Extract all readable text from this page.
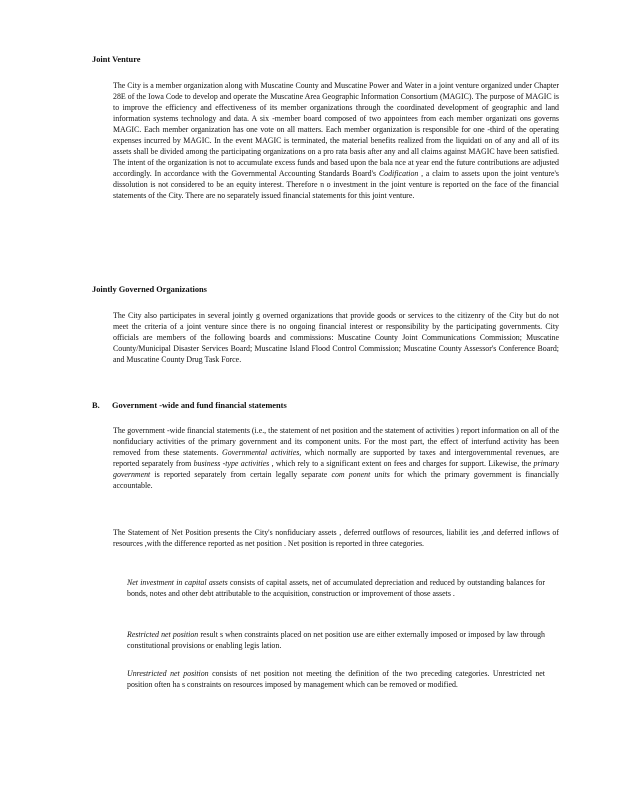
Joint Venture
The City is a member organization along with Muscatine County and Muscatine Power and Water in a joint venture organized under Chapter 28E of the Iowa Code to develop and operate the Muscatine Area Geographic Information Consortium (MAGIC). The purpose of MAGIC is to improve the efficiency and effectiveness of its member organizations through the coordinated development of geographic and land information systems technology and data. A six -member board composed of two appointees from each member organizati ons governs MAGIC. Each member organization has one vote on all matters. Each member organization is responsible for one -third of the operating expenses incurred by MAGIC. In the event MAGIC is terminated, the material benefits realized from the liquidati on of any and all of its assets shall be divided among the participating organizations on a pro rata basis after any and all claims against MAGIC have been satisfied. The intent of the organization is not to accumulate excess funds and based upon the bala nce at year end the future contributions are adjusted accordingly. In accordance with the Governmental Accounting Standards Board's Codification , a claim to assets upon the joint venture's dissolution is not considered to be an equity interest. Therefore n o investment in the joint venture is reported on the face of the financial statements of the City. There are no separately issued financial statements for this joint venture.
Jointly Governed Organizations
The City also participates in several jointly g overned organizations that provide goods or services to the citizenry of the City but do not meet the criteria of a joint venture since there is no ongoing financial interest or responsibility by the participating governments. City officials are members of the following boards and commissions: Muscatine County Joint Communications Commission; Muscatine County/Municipal Disaster Services Board; Muscatine Island Flood Control Commission; Muscatine County Assessor's Conference Board; and Muscatine County Drug Task Force.
B. Government -wide and fund financial statements
The government -wide financial statements (i.e., the statement of net position and the statement of activities ) report information on all of the nonfiduciary activities of the primary government and its component units. For the most part, the effect of interfund activity has been removed from these statements. Governmental activities, which normally are supported by taxes and intergovernmental revenues, are reported separately from business -type activities , which rely to a significant extent on fees and charges for support. Likewise, the primary government is reported separately from certain legally separate com ponent units for which the primary government is financially accountable.
The Statement of Net Position presents the City's nonfiduciary assets , deferred outflows of resources, liabilit ies ,and deferred inflows of resources ,with the difference reported as net position . Net position is reported in three categories.
Net investment in capital assets consists of capital assets, net of accumulated depreciation and reduced by outstanding balances for bonds, notes and other debt attributable to the acquisition, construction or improvement of those assets .
Restricted net position result s when constraints placed on net position use are either externally imposed or imposed by law through constitutional provisions or enabling legis lation.
Unrestricted net position consists of net position not meeting the definition of the two preceding categories. Unrestricted net position often ha s constraints on resources imposed by management which can be removed or modified.
